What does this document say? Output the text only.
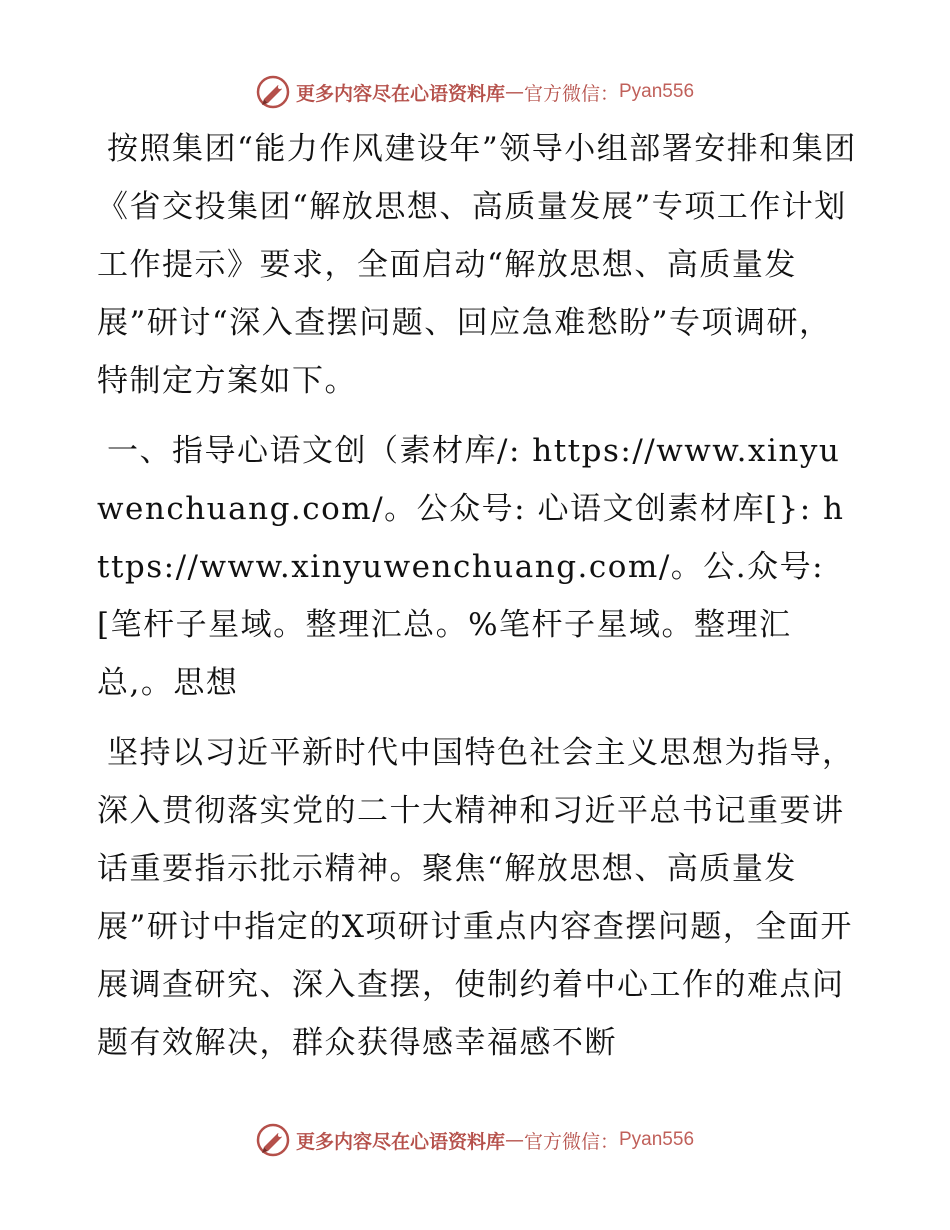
更多内容尽在心语资料库 — 官方微信： Pyan556

按照集团“能力作风建设年”领导小组部署安排和集团《省交投集团“解放思想、高质量发展”专项工作计划工作提示》要求，全面启动“解放思想、高质量发展”研讨“深入查摆问题、回应急难愁盼”专项调研，特制定方案如下。

一、指导心语文创（素材库/: https://www.xinyuwenchuang.com/。公众号: 心语文创素材库[}: https://www.xinyuwenchuang.com/。公.众号: [笔杆子星域。整理汇总。%笔杆子星域。整理汇总,。思想

坚持以习近平新时代中国特色社会主义思想为指导，深入贯彻落实党的二十大精神和习近平总书记重要讲话重要指示批示精神。聚焦“解放思想、高质量发展”研讨中指定的X项研讨重点内容查摆问题，全面开展调查研究、深入查摆，使制约着中心工作的难点问题有效解决，群众获得感幸福感不断

更多内容尽在心语资料库 — 官方微信： Pyan556
